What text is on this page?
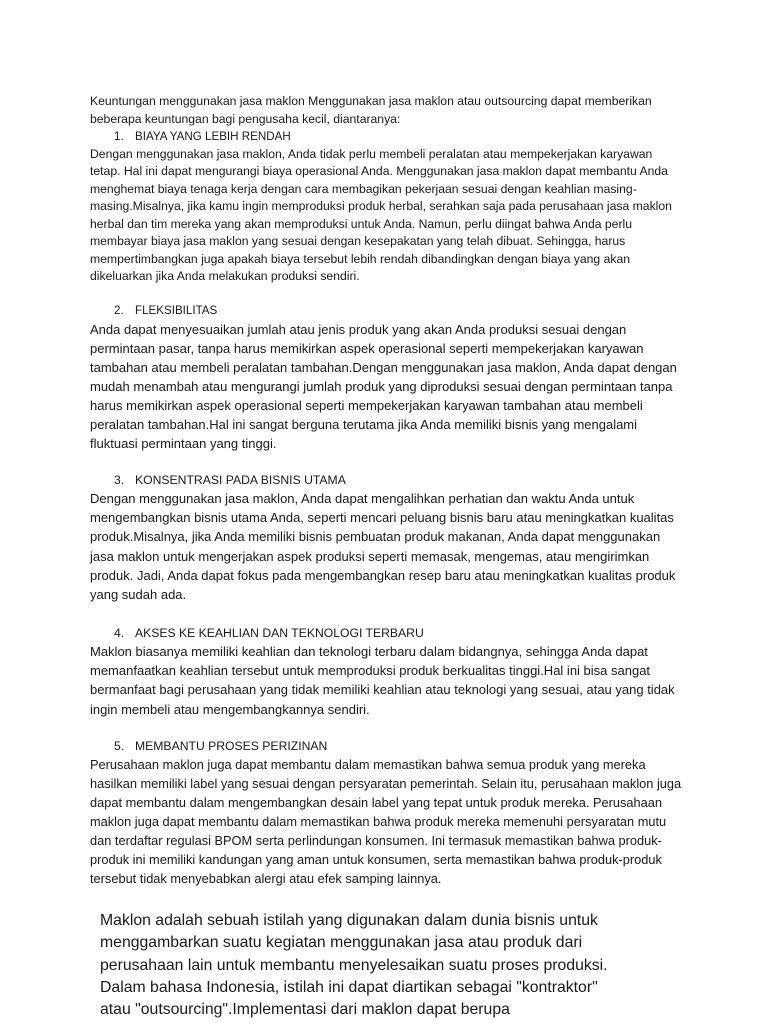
Keuntungan menggunakan jasa maklon Menggunakan jasa maklon atau outsourcing dapat memberikan beberapa keuntungan bagi pengusaha kecil, diantaranya:

1. BIAYA YANG LEBIH RENDAH

Dengan menggunakan jasa maklon, Anda tidak perlu membeli peralatan atau mempekerjakan karyawan tetap. Hal ini dapat mengurangi biaya operasional Anda. Menggunakan jasa maklon dapat membantu Anda menghemat biaya tenaga kerja dengan cara membagikan pekerjaan sesuai dengan keahlian masing-masing.Misalnya, jika kamu ingin memproduksi produk herbal, serahkan saja pada perusahaan jasa maklon herbal dan tim mereka yang akan memproduksi untuk Anda. Namun, perlu diingat bahwa Anda perlu membayar biaya jasa maklon yang sesuai dengan kesepakatan yang telah dibuat. Sehingga, harus mempertimbangkan juga apakah biaya tersebut lebih rendah dibandingkan dengan biaya yang akan dikeluarkan jika Anda melakukan produksi sendiri.

2. FLEKSIBILITAS

Anda dapat menyesuaikan jumlah atau jenis produk yang akan Anda produksi sesuai dengan permintaan pasar, tanpa harus memikirkan aspek operasional seperti mempekerjakan karyawan tambahan atau membeli peralatan tambahan.Dengan menggunakan jasa maklon, Anda dapat dengan mudah menambah atau mengurangi jumlah produk yang diproduksi sesuai dengan permintaan tanpa harus memikirkan aspek operasional seperti mempekerjakan karyawan tambahan atau membeli peralatan tambahan.Hal ini sangat berguna terutama jika Anda memiliki bisnis yang mengalami fluktuasi permintaan yang tinggi.

3. KONSENTRASI PADA BISNIS UTAMA

Dengan menggunakan jasa maklon, Anda dapat mengalihkan perhatian dan waktu Anda untuk mengembangkan bisnis utama Anda, seperti mencari peluang bisnis baru atau meningkatkan kualitas produk.Misalnya, jika Anda memiliki bisnis pembuatan produk makanan, Anda dapat menggunakan jasa maklon untuk mengerjakan aspek produksi seperti memasak, mengemas, atau mengirimkan produk. Jadi, Anda dapat fokus pada mengembangkan resep baru atau meningkatkan kualitas produk yang sudah ada.

4. AKSES KE KEAHLIAN DAN TEKNOLOGI TERBARU

Maklon biasanya memiliki keahlian dan teknologi terbaru dalam bidangnya, sehingga Anda dapat memanfaatkan keahlian tersebut untuk memproduksi produk berkualitas tinggi.Hal ini bisa sangat bermanfaat bagi perusahaan yang tidak memiliki keahlian atau teknologi yang sesuai, atau yang tidak ingin membeli atau mengembangkannya sendiri.

5. MEMBANTU PROSES PERIZINAN

Perusahaan maklon juga dapat membantu dalam memastikan bahwa semua produk yang mereka hasilkan memiliki label yang sesuai dengan persyaratan pemerintah. Selain itu, perusahaan maklon juga dapat membantu dalam mengembangkan desain label yang tepat untuk produk mereka. Perusahaan maklon juga dapat membantu dalam memastikan bahwa produk mereka memenuhi persyaratan mutu dan terdaftar regulasi BPOM serta perlindungan konsumen. Ini termasuk memastikan bahwa produk-produk ini memiliki kandungan yang aman untuk konsumen, serta memastikan bahwa produk-produk tersebut tidak menyebabkan alergi atau efek samping lainnya.

Maklon adalah sebuah istilah yang digunakan dalam dunia bisnis untuk menggambarkan suatu kegiatan menggunakan jasa atau produk dari perusahaan lain untuk membantu menyelesaikan suatu proses produksi. Dalam bahasa Indonesia, istilah ini dapat diartikan sebagai "kontraktor" atau "outsourcing".Implementasi dari maklon dapat berupa
